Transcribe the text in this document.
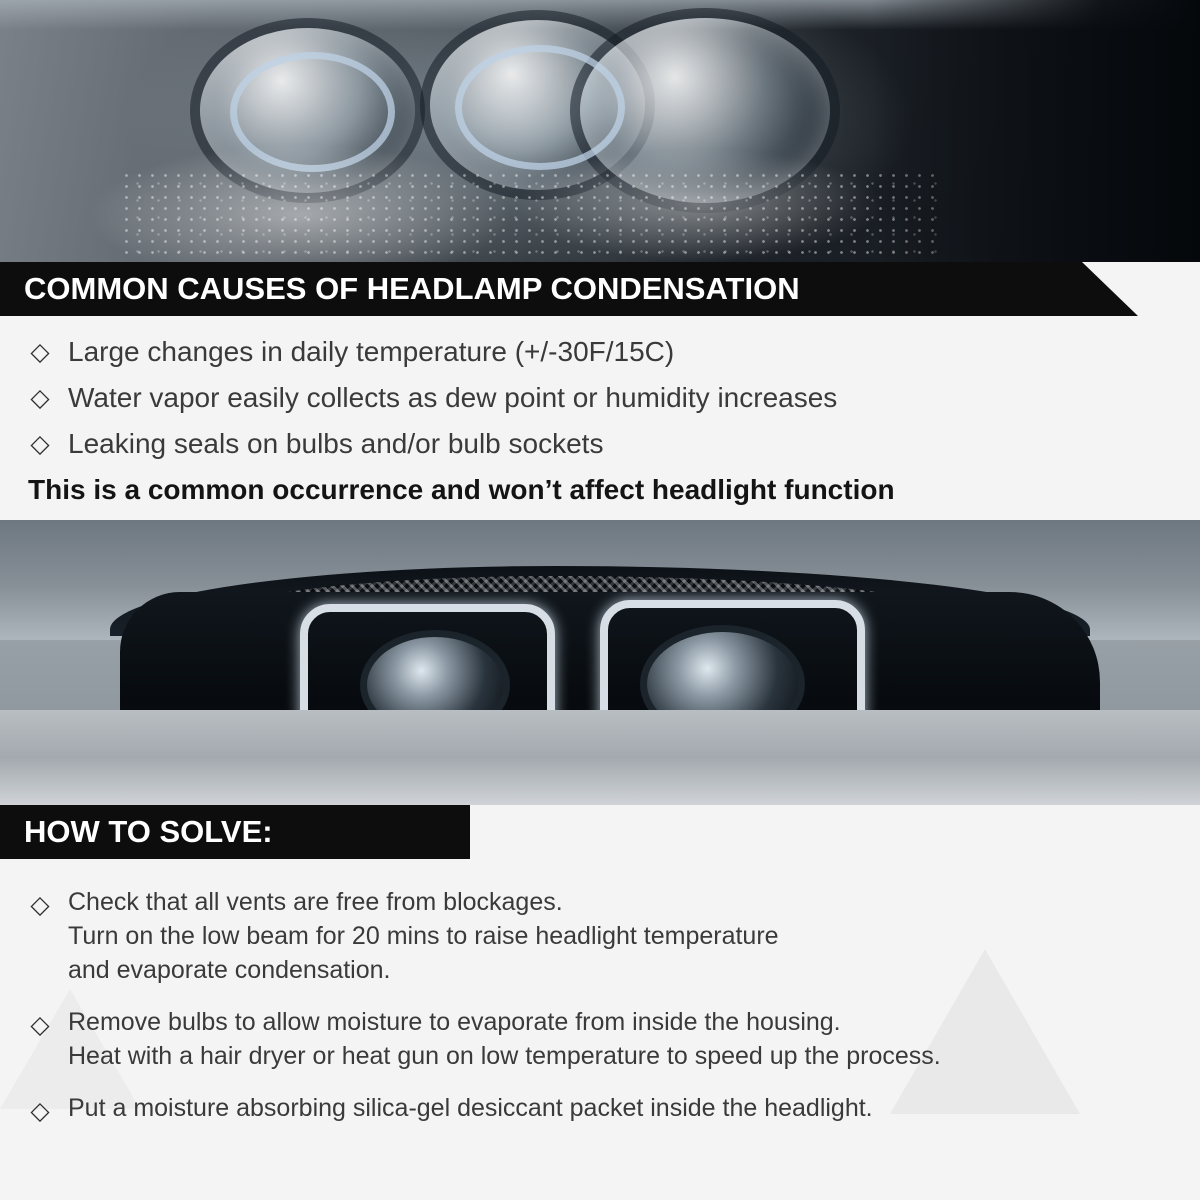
COMMON CAUSES OF HEADLAMP CONDENSATION
◇ Large changes in daily temperature (+/-30F/15C)
◇ Water vapor easily collects as dew point or humidity increases
◇ Leaking seals on bulbs and/or bulb sockets
This is a common occurrence and won’t affect headlight function
HOW TO SOLVE:
◇ Check that all vents are free from blockages.
Turn on the low beam for 20 mins to raise headlight temperature
and evaporate condensation.
◇ Remove bulbs to allow moisture to evaporate from inside the housing.
Heat with a hair dryer or heat gun on low temperature to speed up the process.
◇ Put a moisture absorbing silica-gel desiccant packet inside the headlight.
